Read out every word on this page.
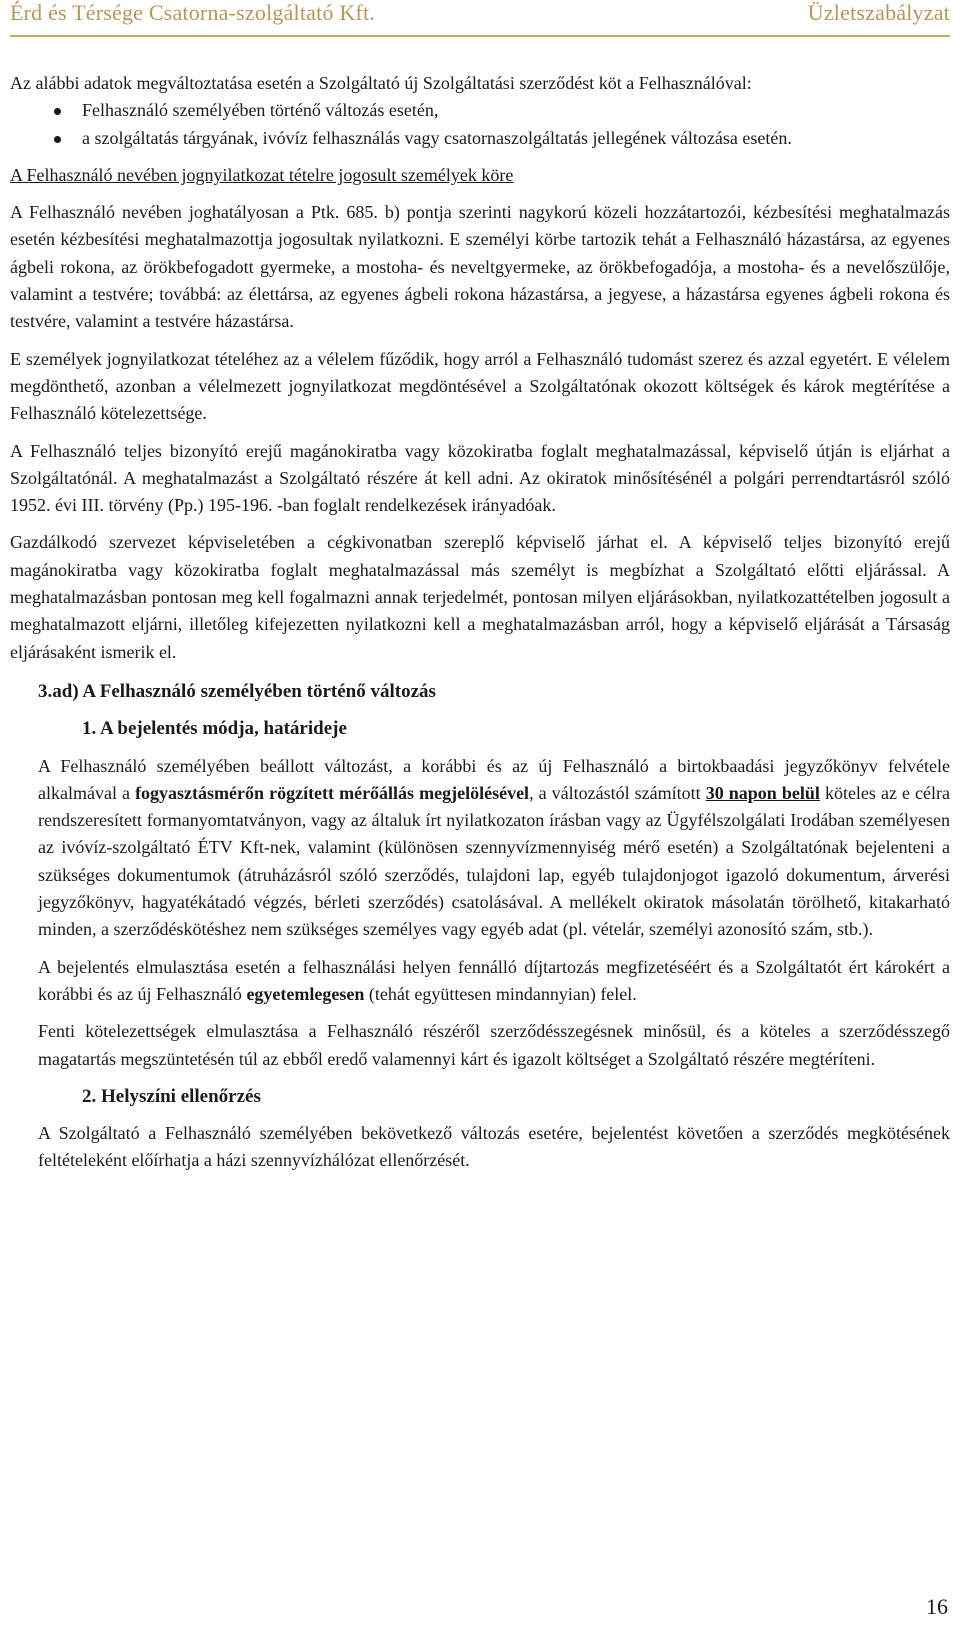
Érd és Térsége Csatorna-szolgáltató Kft.	Üzletszabályzat
Az alábbi adatok megváltoztatása esetén a Szolgáltató új Szolgáltatási szerződést köt a Felhasználóval:
Felhasználó személyében történő változás esetén,
a szolgáltatás tárgyának, ivóvíz felhasználás vagy csatornaszolgáltatás jellegének változása esetén.
A Felhasználó nevében jognyilatkozat tételre jogosult személyek köre
A Felhasználó nevében joghatályosan a Ptk. 685. b) pontja szerinti nagykorú közeli hozzátartozói, kézbesítési meghatalmazás esetén kézbesítési meghatalmazottja jogosultak nyilatkozni. E személyi körbe tartozik tehát a Felhasználó házastársa, az egyenes ágbeli rokona, az örökbefogadott gyermeke, a mostoha- és neveltgyermeke, az örökbefogadója, a mostoha- és a nevelőszülője, valamint a testvére; továbbá: az élettársa, az egyenes ágbeli rokona házastársa, a jegyese, a házastársa egyenes ágbeli rokona és testvére, valamint a testvére házastársa.
E személyek jognyilatkozat tételéhez az a vélelem fűződik, hogy arról a Felhasználó tudomást szerez és azzal egyetért. E vélelem megdönthető, azonban a vélelmezett jognyilatkozat megdöntésével a Szolgáltatónak okozott költségek és károk megtérítése a Felhasználó kötelezettsége.
A Felhasználó teljes bizonyító erejű magánokiratba vagy közokiratba foglalt meghatalmazással, képviselő útján is eljárhat a Szolgáltatónál. A meghatalmazást a Szolgáltató részére át kell adni. Az okiratok minősítésénél a polgári perrendtartásról szóló 1952. évi III. törvény (Pp.) 195-196. -ban foglalt rendelkezések irányadóak.
Gazdálkodó szervezet képviseletében a cégkivonatban szereplő képviselő járhat el. A képviselő teljes bizonyító erejű magánokiratba vagy közokiratba foglalt meghatalmazással más személyt is megbízhat a Szolgáltató előtti eljárással. A meghatalmazásban pontosan meg kell fogalmazni annak terjedelmét, pontosan milyen eljárásokban, nyilatkozattételben jogosult a meghatalmazott eljárni, illetőleg kifejezetten nyilatkozni kell a meghatalmazásban arról, hogy a képviselő eljárását a Társaság eljárásaként ismerik el.
3.ad) A Felhasználó személyében történő változás
1. A bejelentés módja, határideje
A Felhasználó személyében beállott változást, a korábbi és az új Felhasználó a birtokbaadási jegyzőkönyv felvétele alkalmával a fogyasztásmérőn rögzített mérőállás megjelölésével, a változástól számított 30 napon belül köteles az e célra rendszeresített formanyomtatványon, vagy az általuk írt nyilatkozaton írásban vagy az Ügyfélszolgálati Irodában személyesen az ivóvíz-szolgáltató ÉTV Kft-nek, valamint (különösen szennyvízmennyiség mérő esetén) a Szolgáltatónak bejelenteni a szükséges dokumentumok (átruházásról szóló szerződés, tulajdoni lap, egyéb tulajdonjogot igazoló dokumentum, árverési jegyzőkönyv, hagyatékátadó végzés, bérleti szerződés) csatolásával. A mellékelt okiratok másolatán törölhető, kitakarható minden, a szerződéskötéshez nem szükséges személyes vagy egyéb adat (pl. vételár, személyi azonosító szám, stb.).
A bejelentés elmulasztása esetén a felhasználási helyen fennálló díjtartozás megfizetéséért és a Szolgáltatót ért károkért a korábbi és az új Felhasználó egyetemlegesen (tehát együttesen mindannyian) felel.
Fenti kötelezettségek elmulasztása a Felhasználó részéről szerződésszegésnek minősül, és a köteles a szerződésszegő magatartás megszüntetésén túl az ebből eredő valamennyi kárt és igazolt költséget a Szolgáltató részére megtéríteni.
2. Helyszíni ellenőrzés
A Szolgáltató a Felhasználó személyében bekövetkező változás esetére, bejelentést követően a szerződés megkötésének feltételeként előírhatja a házi szennyvízhálózat ellenőrzését.
16
